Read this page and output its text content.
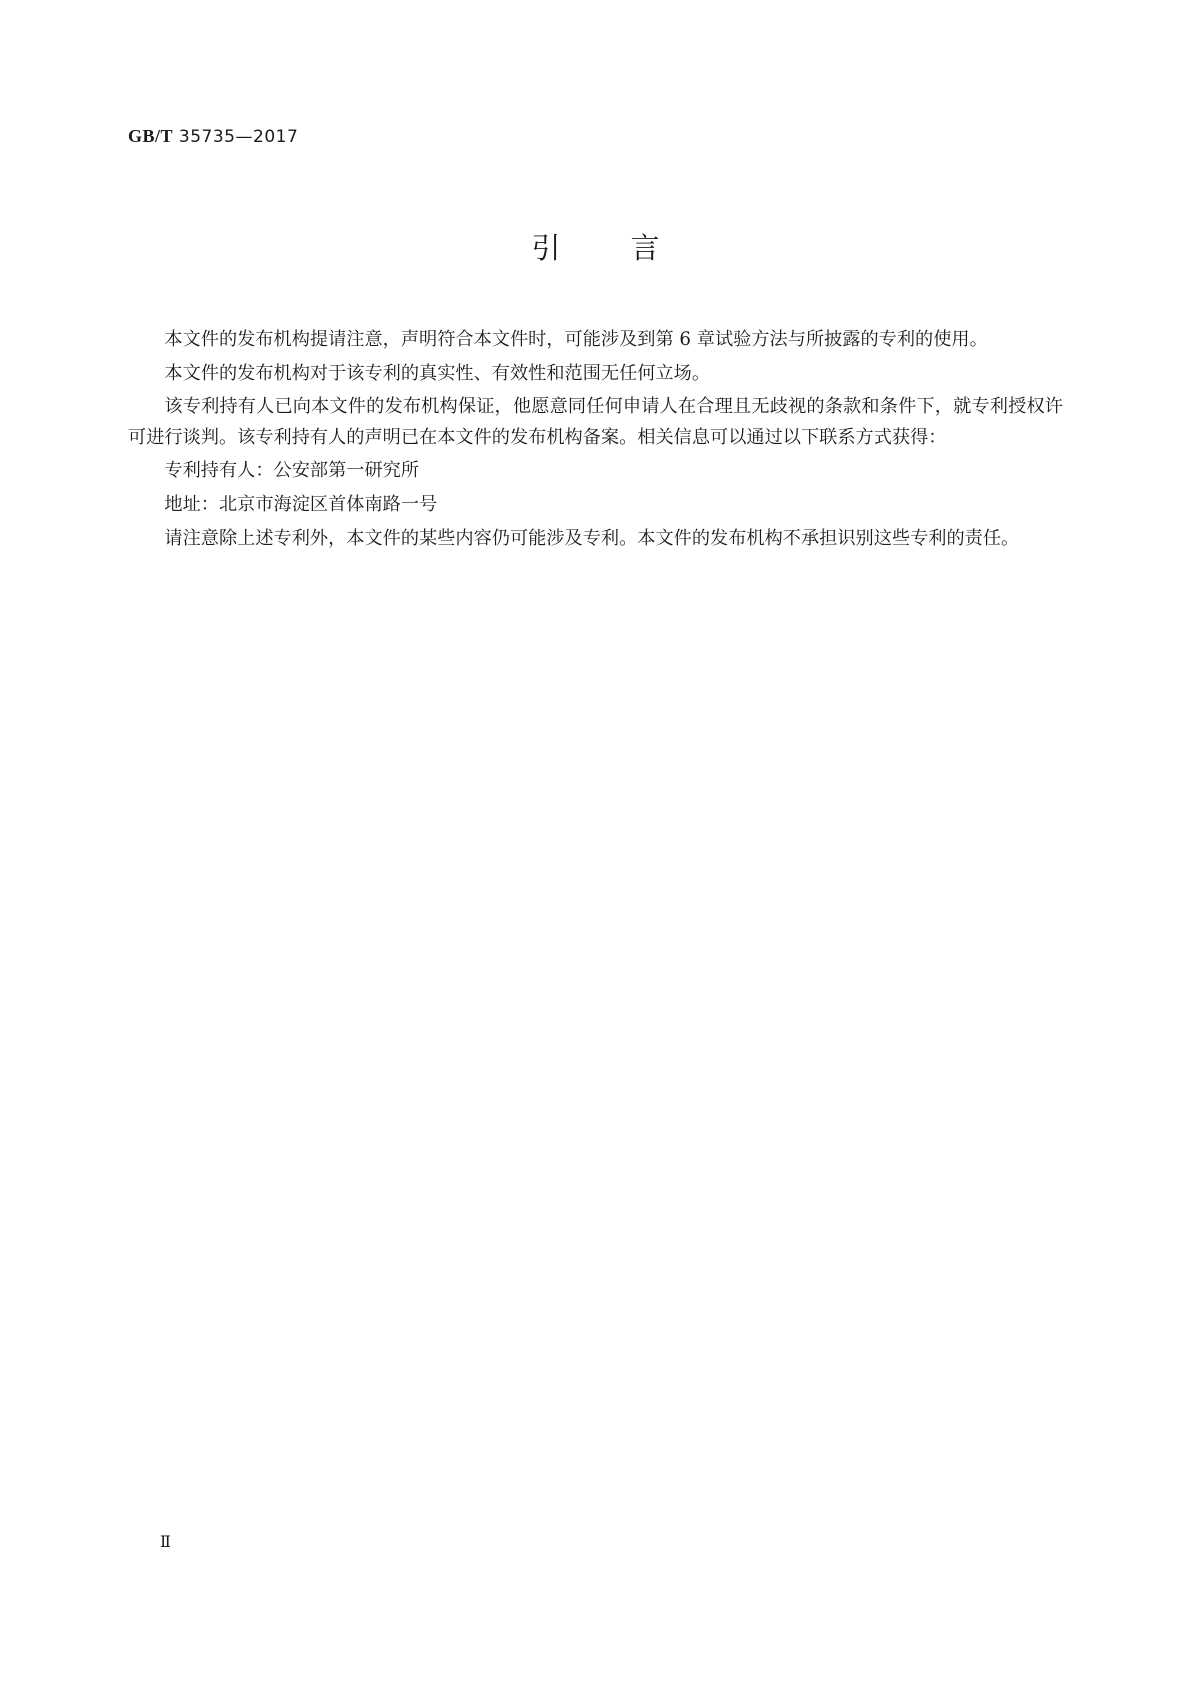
GB/T 35735—2017
引 言

本文件的发布机构提请注意，声明符合本文件时，可能涉及到第 6 章试验方法与所披露的专利的使用。

本文件的发布机构对于该专利的真实性、有效性和范围无任何立场。

该专利持有人已向本文件的发布机构保证，他愿意同任何申请人在合理且无歧视的条款和条件下，就专利授权许可进行谈判。该专利持有人的声明已在本文件的发布机构备案。相关信息可以通过以下联系方式获得：

专利持有人：公安部第一研究所

地址：北京市海淀区首体南路一号

请注意除上述专利外，本文件的某些内容仍可能涉及专利。本文件的发布机构不承担识别这些专利的责任。

Ⅱ
